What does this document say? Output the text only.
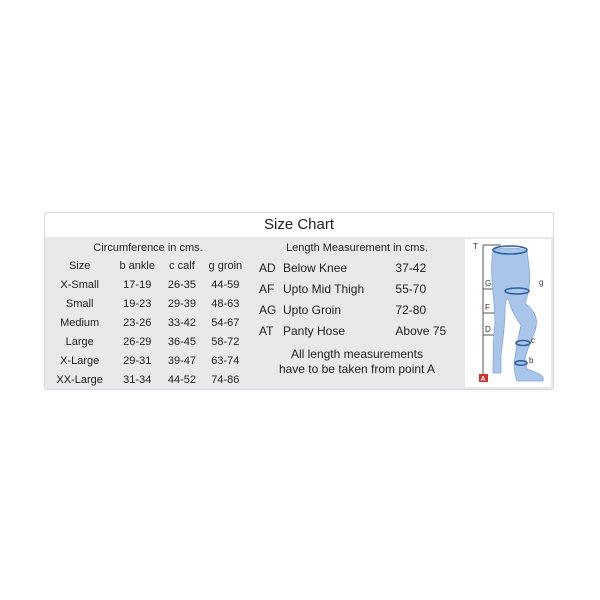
Size Chart
Circumference in cms.
Size	b ankle	c calf	g groin
X-Small	17-19	26-35	44-59
Small	19-23	29-39	48-63
Medium	23-26	33-42	54-67
Large	26-29	36-45	58-72
X-Large	29-31	39-47	63-74
XX-Large	31-34	44-52	74-86
Length Measurement in cms.
AD	Below Knee	37-42
AF	Upto Mid Thigh	55-70
AG	Upto Groin	72-80
AT	Panty Hose	Above 75
All length measurements
have to be taken from point A
T
G	g
F
D
c
b
A
